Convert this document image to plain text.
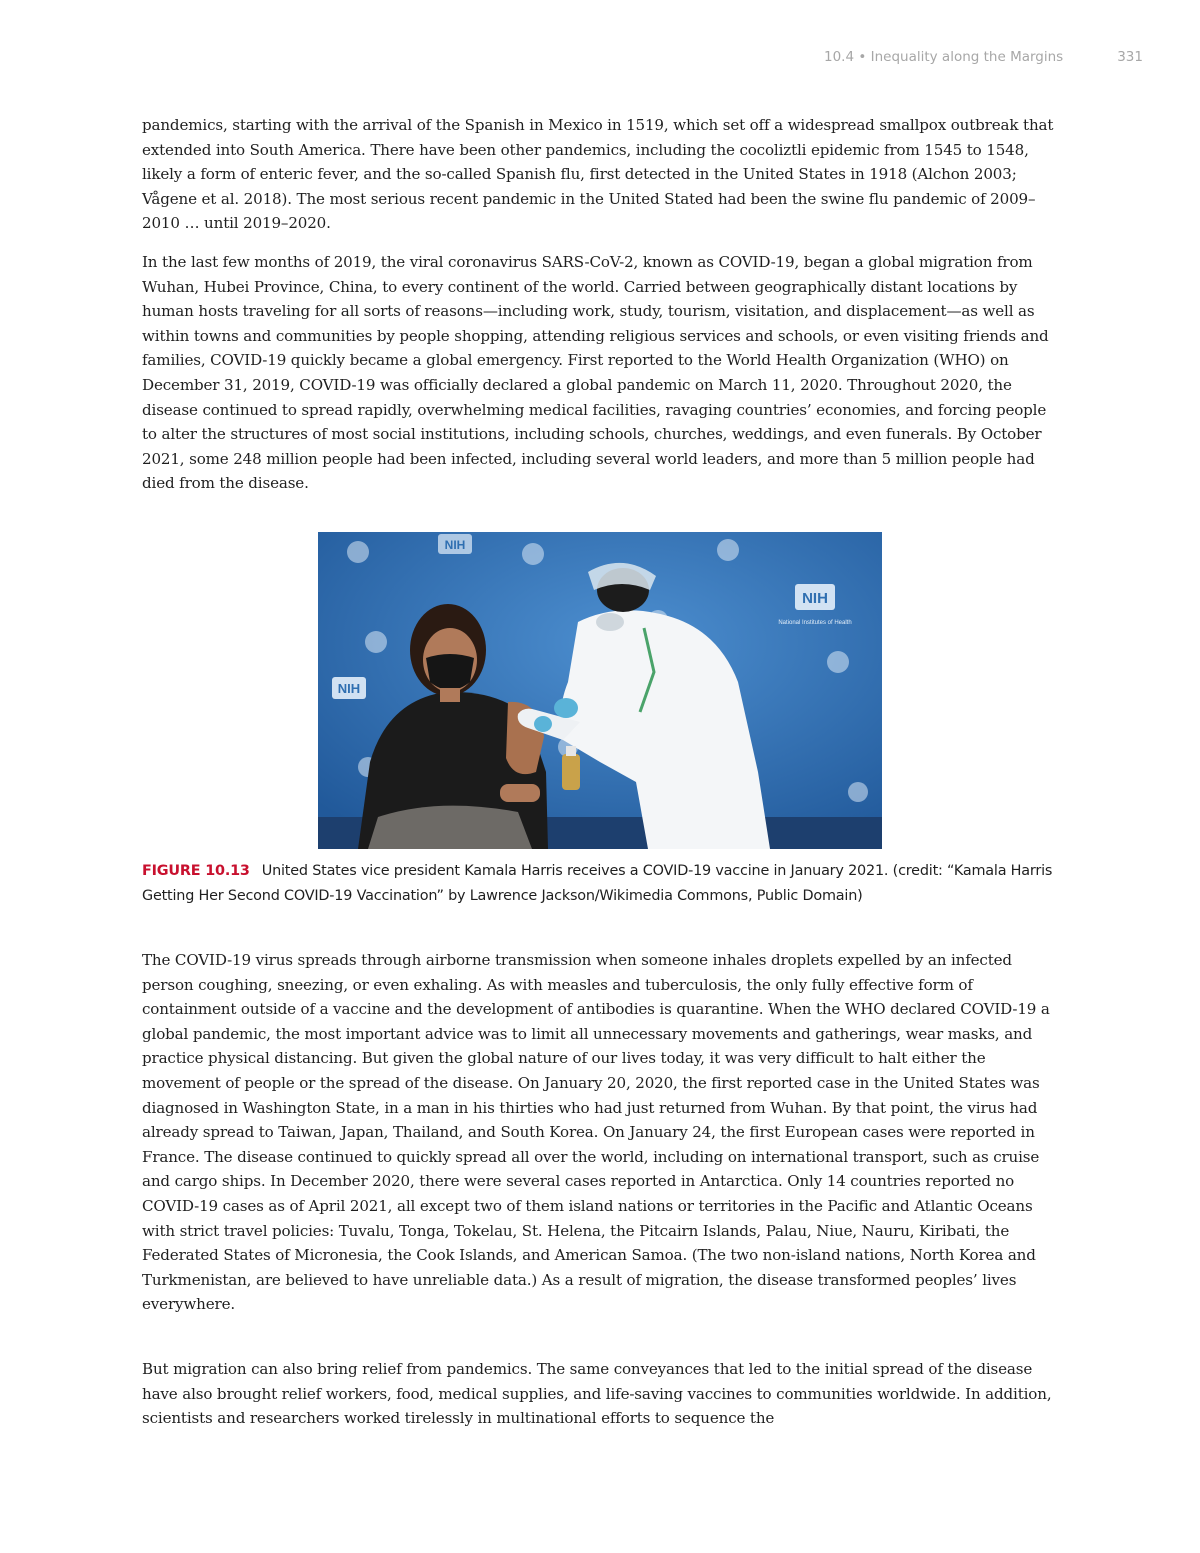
10.4 • Inequality along the Margins	331

pandemics, starting with the arrival of the Spanish in Mexico in 1519, which set off a widespread smallpox outbreak that extended into South America. There have been other pandemics, including the cocoliztli epidemic from 1545 to 1548, likely a form of enteric fever, and the so-called Spanish flu, first detected in the United States in 1918 (Alchon 2003; Vågene et al. 2018). The most serious recent pandemic in the United Stated had been the swine flu pandemic of 2009–2010 … until 2019–2020.

In the last few months of 2019, the viral coronavirus SARS-CoV-2, known as COVID-19, began a global migration from Wuhan, Hubei Province, China, to every continent of the world. Carried between geographically distant locations by human hosts traveling for all sorts of reasons—including work, study, tourism, visitation, and displacement—as well as within towns and communities by people shopping, attending religious services and schools, or even visiting friends and families, COVID-19 quickly became a global emergency. First reported to the World Health Organization (WHO) on December 31, 2019, COVID-19 was officially declared a global pandemic on March 11, 2020. Throughout 2020, the disease continued to spread rapidly, overwhelming medical facilities, ravaging countries’ economies, and forcing people to alter the structures of most social institutions, including schools, churches, weddings, and even funerals. By October 2021, some 248 million people had been infected, including several world leaders, and more than 5 million people had died from the disease.

NIH
National Institutes of Health
NIH
NIH

FIGURE 10.13 United States vice president Kamala Harris receives a COVID-19 vaccine in January 2021. (credit: “Kamala Harris Getting Her Second COVID-19 Vaccination” by Lawrence Jackson/Wikimedia Commons, Public Domain)

The COVID-19 virus spreads through airborne transmission when someone inhales droplets expelled by an infected person coughing, sneezing, or even exhaling. As with measles and tuberculosis, the only fully effective form of containment outside of a vaccine and the development of antibodies is quarantine. When the WHO declared COVID-19 a global pandemic, the most important advice was to limit all unnecessary movements and gatherings, wear masks, and practice physical distancing. But given the global nature of our lives today, it was very difficult to halt either the movement of people or the spread of the disease. On January 20, 2020, the first reported case in the United States was diagnosed in Washington State, in a man in his thirties who had just returned from Wuhan. By that point, the virus had already spread to Taiwan, Japan, Thailand, and South Korea. On January 24, the first European cases were reported in France. The disease continued to quickly spread all over the world, including on international transport, such as cruise and cargo ships. In December 2020, there were several cases reported in Antarctica. Only 14 countries reported no COVID-19 cases as of April 2021, all except two of them island nations or territories in the Pacific and Atlantic Oceans with strict travel policies: Tuvalu, Tonga, Tokelau, St. Helena, the Pitcairn Islands, Palau, Niue, Nauru, Kiribati, the Federated States of Micronesia, the Cook Islands, and American Samoa. (The two non-island nations, North Korea and Turkmenistan, are believed to have unreliable data.) As a result of migration, the disease transformed peoples’ lives everywhere.

But migration can also bring relief from pandemics. The same conveyances that led to the initial spread of the disease have also brought relief workers, food, medical supplies, and life-saving vaccines to communities worldwide. In addition, scientists and researchers worked tirelessly in multinational efforts to sequence the
